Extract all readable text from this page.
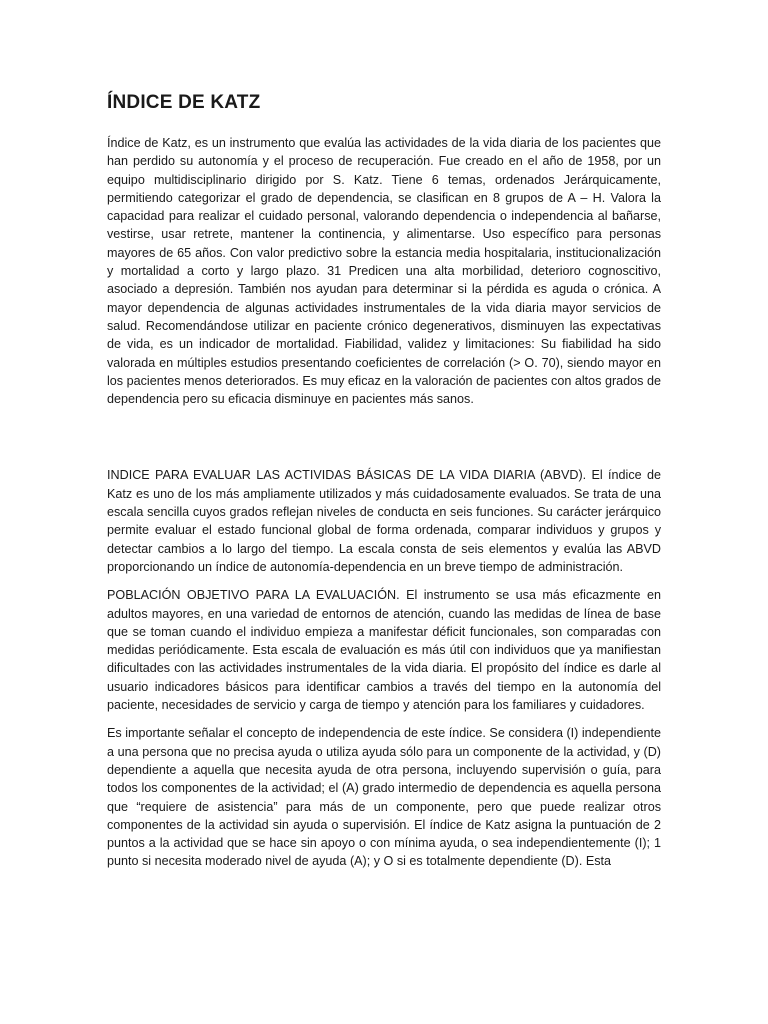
ÍNDICE DE KATZ

Índice de Katz, es un instrumento que evalúa las actividades de la vida diaria de los pacientes que han perdido su autonomía y el proceso de recuperación. Fue creado en el año de 1958, por un equipo multidisciplinario dirigido por S. Katz. Tiene 6 temas, ordenados Jerárquicamente, permitiendo categorizar el grado de dependencia, se clasifican en 8 grupos de A – H. Valora la capacidad para realizar el cuidado personal, valorando dependencia o independencia al bañarse, vestirse, usar retrete, mantener la continencia, y alimentarse. Uso específico para personas mayores de 65 años. Con valor predictivo sobre la estancia media hospitalaria, institucionalización y mortalidad a corto y largo plazo. 31 Predicen una alta morbilidad, deterioro cognoscitivo, asociado a depresión. También nos ayudan para determinar si la pérdida es aguda o crónica. A mayor dependencia de algunas actividades instrumentales de la vida diaria mayor servicios de salud. Recomendándose utilizar en paciente crónico degenerativos, disminuyen las expectativas de vida, es un indicador de mortalidad. Fiabilidad, validez y limitaciones: Su fiabilidad ha sido valorada en múltiples estudios presentando coeficientes de correlación (> O. 70), siendo mayor en los pacientes menos deteriorados. Es muy eficaz en la valoración de pacientes con altos grados de dependencia pero su eficacia disminuye en pacientes más sanos.

INDICE PARA EVALUAR LAS ACTIVIDAS BÁSICAS DE LA VIDA DIARIA (ABVD). El índice de Katz es uno de los más ampliamente utilizados y más cuidadosamente evaluados. Se trata de una escala sencilla cuyos grados reflejan niveles de conducta en seis funciones. Su carácter jerárquico permite evaluar el estado funcional global de forma ordenada, comparar individuos y grupos y detectar cambios a lo largo del tiempo. La escala consta de seis elementos y evalúa las ABVD proporcionando un índice de autonomía-dependencia en un breve tiempo de administración.

POBLACIÓN OBJETIVO PARA LA EVALUACIÓN. El instrumento se usa más eficazmente en adultos mayores, en una variedad de entornos de atención, cuando las medidas de línea de base que se toman cuando el individuo empieza a manifestar déficit funcionales, son comparadas con medidas periódicamente. Esta escala de evaluación es más útil con individuos que ya manifiestan dificultades con las actividades instrumentales de la vida diaria. El propósito del índice es darle al usuario indicadores básicos para identificar cambios a través del tiempo en la autonomía del paciente, necesidades de servicio y carga de tiempo y atención para los familiares y cuidadores.

Es importante señalar el concepto de independencia de este índice. Se considera (I) independiente a una persona que no precisa ayuda o utiliza ayuda sólo para un componente de la actividad, y (D) dependiente a aquella que necesita ayuda de otra persona, incluyendo supervisión o guía, para todos los componentes de la actividad; el (A) grado intermedio de dependencia es aquella persona que “requiere de asistencia” para más de un componente, pero que puede realizar otros componentes de la actividad sin ayuda o supervisión. El índice de Katz asigna la puntuación de 2 puntos a la actividad que se hace sin apoyo o con mínima ayuda, o sea independientemente (I); 1 punto si necesita moderado nivel de ayuda (A); y O si es totalmente dependiente (D). Esta
